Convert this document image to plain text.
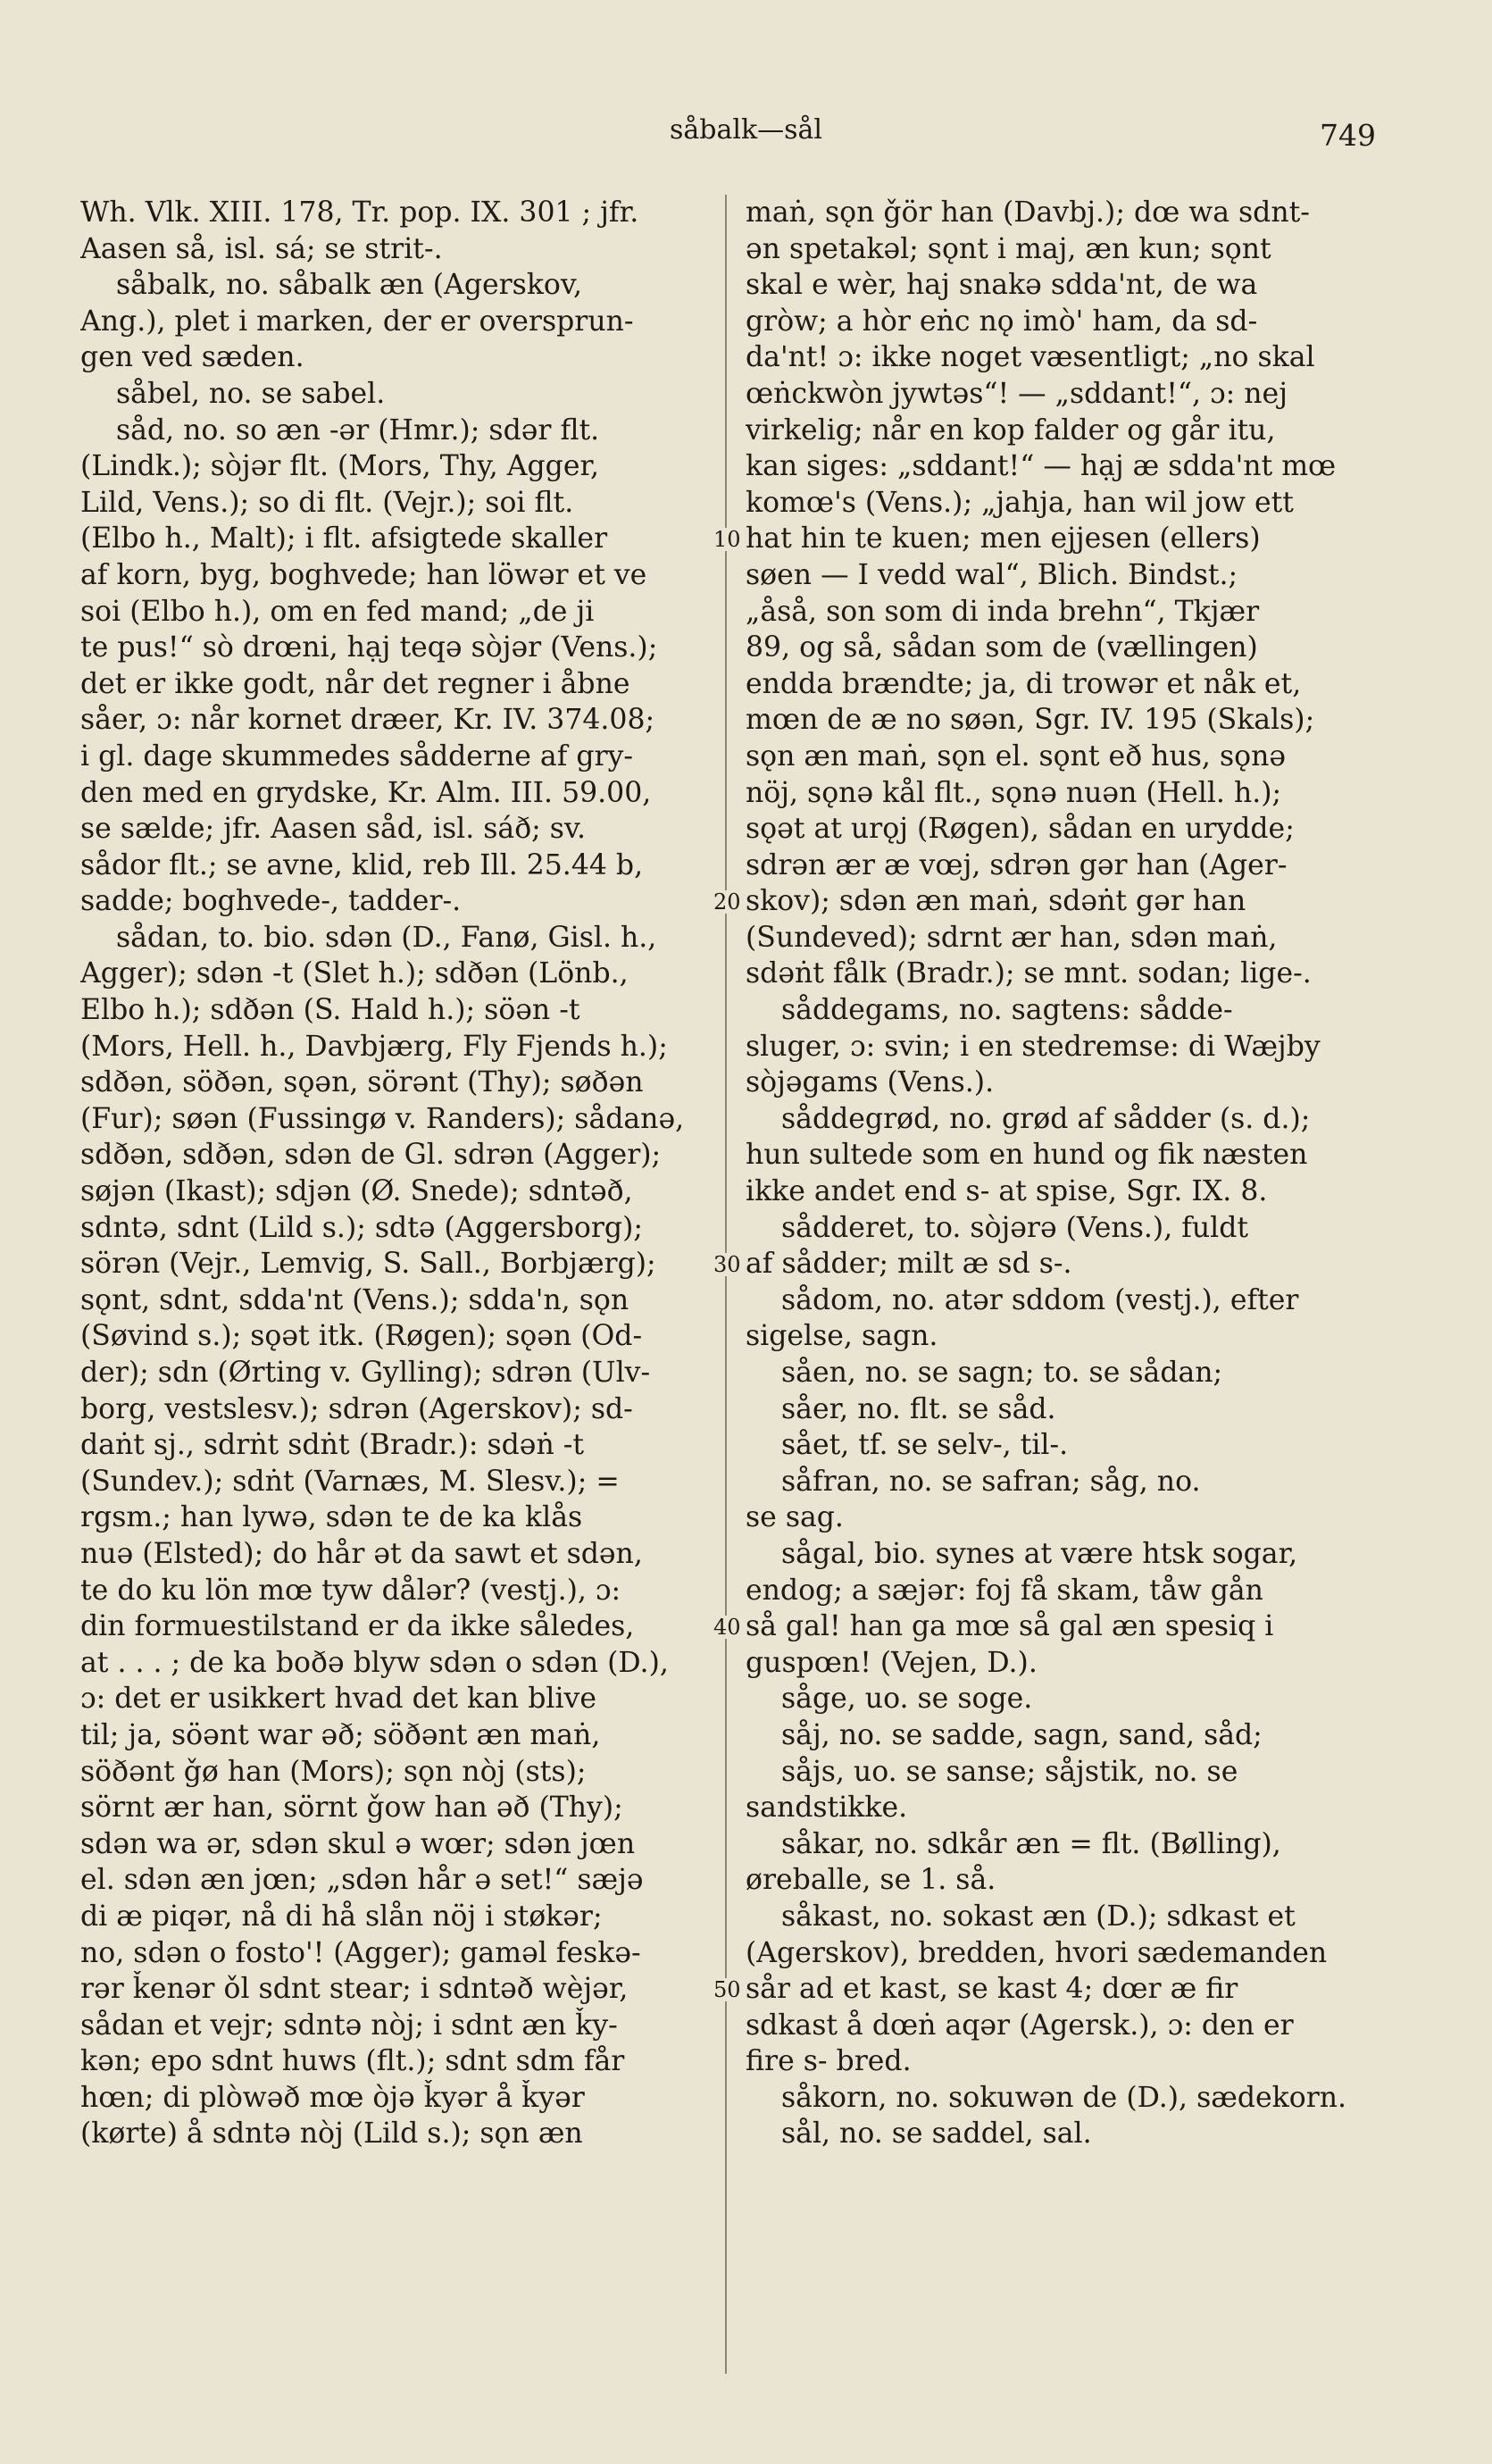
såbalk—sål	749
Wh. Vlk. XIII. 178, Tr. pop. IX. 301 ; jfr.
Aasen så, isl. sá; se strit-.
såbalk, no. såbalk æn (Agerskov,
Ang.), plet i marken, der er oversprun-
gen ved sæden.
såbel, no. se sabel.
såd, no. so æn -ər (Hmr.); sdər flt.
(Lindk.); sòjər flt. (Mors, Thy, Agger,
Lild, Vens.); so di flt. (Vejr.); soi flt.
(Elbo h., Malt); i flt. afsigtede skaller
af korn, byg, boghvede; han löwər et ve
soi (Elbo h.), om en fed mand; „de ji
te pus!“ sò drœni, hạj teqə sòjər (Vens.);
det er ikke godt, når det regner i åbne
såer, ɔ: når kornet dræer, Kr. IV. 374.08;
i gl. dage skummedes sådderne af gry-
den med en grydske, Kr. Alm. III. 59.00,
se sælde; jfr. Aasen såd, isl. sáð; sv.
sådor flt.; se avne, klid, reb Ill. 25.44 b,
sadde; boghvede-, tadder-.
sådan, to. bio. sdən (D., Fanø, Gisl. h.,
Agger); sdən -t (Slet h.); sdðən (Lönb.,
Elbo h.); sdðən (S. Hald h.); söən -t
(Mors, Hell. h., Davbjærg, Fly Fjends h.);
sdðən, söðən, sǫən, sörənt (Thy); søðən
(Fur); søən (Fussingø v. Randers); sådanə,
sdðən, sdðən, sdən de Gl. sdrən (Agger);
søjən (Ikast); sdjən (Ø. Snede); sdntəð,
sdntə, sdnt (Lild s.); sdtə (Aggersborg);
sörən (Vejr., Lemvig, S. Sall., Borbjærg);
sǫnt, sdnt, sdda'nt (Vens.); sdda'n, sǫn
(Søvind s.); sǫət itk. (Røgen); sǫən (Od-
der); sdn (Ørting v. Gylling); sdrən (Ulv-
borg, vestslesv.); sdrən (Agerskov); sd-
daṅt sj., sdrṅt sdṅt (Bradr.): sdəṅ -t
(Sundev.); sdṅt (Varnæs, M. Slesv.); =
rgsm.; han lywə, sdən te de ka klås
nuə (Elsted); do hår ət da sawt et sdən,
te do ku lön mœ tyw dålər? (vestj.), ɔ:
din formuestilstand er da ikke således,
at . . . ; de ka boðə blyw sdən o sdən (D.),
ɔ: det er usikkert hvad det kan blive
til; ja, söənt war əð; söðənt æn maṅ,
söðənt ǧø han (Mors); sǫn nòj (sts);
sörnt ær han, sörnt ǧow han əð (Thy);
sdən wa ər, sdən skul ə wœr; sdən jœn
el. sdən æn jœn; „sdən hår ə set!“ sæjə
di æ piqər, nå di hå slån nöj i støkər;
no, sdən o fosto'! (Agger); gaməl feskə-
rər ǩenər ǒl sdnt stear; i sdntəð wèjər,
sådan et vejr; sdntə nòj; i sdnt æn ǩy-
kən; epo sdnt huws (flt.); sdnt sdm får
hœn; di plòwəð mœ òjə ǩyər å ǩyər
(kørte) å sdntə nòj (Lild s.); sǫn æn
maṅ, sǫn ǧör han (Davbj.); dœ wa sdnt-
ən spetakəl; sǫnt i maj, æn kun; sǫnt
skal e wèr, haj snakə sdda'nt, de wa
gròw; a hòr eṅc nǫ imò' ham, da sd-
da'nt! ɔ: ikke noget væsentligt; „no skal
œṅckwòn jywtəs“! — „sddant!“, ɔ: nej
virkelig; når en kop falder og går itu,
kan siges: „sddant!“ — hạj æ sdda'nt mœ
komœ's (Vens.); „jahja, han wil jow ett
hat hin te kuen; men ejjesen (ellers)
søen — I vedd wal“, Blich. Bindst.;
„åså, son som di inda brehn“, Tkjær
89, og så, sådan som de (vællingen)
endda brændte; ja, di trowər et nåk et,
mœn de æ no søən, Sgr. IV. 195 (Skals);
sǫn æn maṅ, sǫn el. sǫnt eð hus, sǫnə
nöj, sǫnə kål flt., sǫnə nuən (Hell. h.);
sǫət at urǫj (Røgen), sådan en urydde;
sdrən ær æ vœj, sdrən gər han (Ager-
skov); sdən æn maṅ, sdəṅt gər han
(Sundeved); sdrnt ær han, sdən maṅ,
sdəṅt fålk (Bradr.); se mnt. sodan; lige-.
såddegams, no. sagtens: sådde-
sluger, ɔ: svin; i en stedremse: di Wæjby
sòjəgams (Vens.).
såddegrød, no. grød af sådder (s. d.);
hun sultede som en hund og fik næsten
ikke andet end s- at spise, Sgr. IX. 8.
sådderet, to. sòjərə (Vens.), fuldt
af sådder; milt æ sd s-.
sådom, no. atər sddom (vestj.), efter
sigelse, sagn.
såen, no. se sagn; to. se sådan;
såer, no. flt. se såd.
sået, tf. se selv-, til-.
såfran, no. se safran; såg, no.
se sag.
sågal, bio. synes at være htsk sogar,
endog; a sæjər: foj få skam, tåw gån
så gal! han ga mœ så gal æn spesiq i
guspœn! (Vejen, D.).
såge, uo. se soge.
såj, no. se sadde, sagn, sand, såd;
såjs, uo. se sanse; såjstik, no. se
sandstikke.
såkar, no. sdkår æn = flt. (Bølling),
øreballe, se 1. så.
såkast, no. sokast æn (D.); sdkast et
(Agerskov), bredden, hvori sædemanden
sår ad et kast, se kast 4; dœr æ fir
sdkast å dœṅ aqər (Agersk.), ɔ: den er
fire s- bred.
såkorn, no. sokuwən de (D.), sædekorn.
sål, no. se saddel, sal.
10
20
30
40
50
